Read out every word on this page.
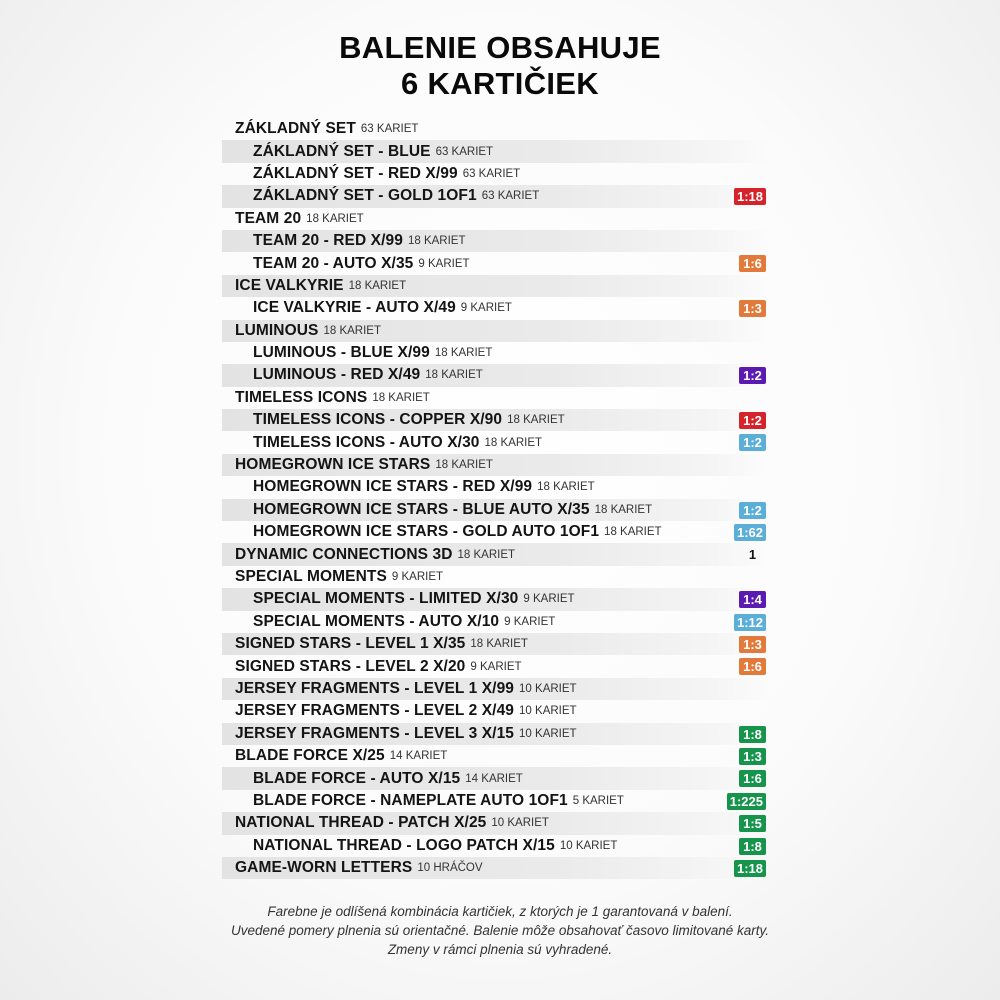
BALENIE OBSAHUJE
6 KARTIČIEK
ZÁKLADNÝ SET 63 KARIET
ZÁKLADNÝ SET - BLUE 63 KARIET
ZÁKLADNÝ SET - RED X/99 63 KARIET
ZÁKLADNÝ SET - GOLD 1OF1 63 KARIET	1:18
TEAM 20 18 KARIET
TEAM 20 - RED X/99 18 KARIET
TEAM 20 - AUTO X/35 9 KARIET	1:6
ICE VALKYRIE 18 KARIET
ICE VALKYRIE - AUTO X/49 9 KARIET	1:3
LUMINOUS 18 KARIET
LUMINOUS - BLUE X/99 18 KARIET
LUMINOUS - RED X/49 18 KARIET	1:2
TIMELESS ICONS 18 KARIET
TIMELESS ICONS - COPPER X/90 18 KARIET	1:2
TIMELESS ICONS - AUTO X/30 18 KARIET	1:2
HOMEGROWN ICE STARS 18 KARIET
HOMEGROWN ICE STARS - RED X/99 18 KARIET
HOMEGROWN ICE STARS - BLUE AUTO X/35 18 KARIET	1:2
HOMEGROWN ICE STARS - GOLD AUTO 1OF1 18 KARIET	1:62
DYNAMIC CONNECTIONS 3D 18 KARIET	1
SPECIAL MOMENTS 9 KARIET
SPECIAL MOMENTS - LIMITED X/30 9 KARIET	1:4
SPECIAL MOMENTS - AUTO X/10 9 KARIET	1:12
SIGNED STARS - LEVEL 1 X/35 18 KARIET	1:3
SIGNED STARS - LEVEL 2 X/20 9 KARIET	1:6
JERSEY FRAGMENTS - LEVEL 1 X/99 10 KARIET
JERSEY FRAGMENTS - LEVEL 2 X/49 10 KARIET
JERSEY FRAGMENTS - LEVEL 3 X/15 10 KARIET	1:8
BLADE FORCE X/25 14 KARIET	1:3
BLADE FORCE - AUTO X/15 14 KARIET	1:6
BLADE FORCE - NAMEPLATE AUTO 1OF1 5 KARIET	1:225
NATIONAL THREAD - PATCH X/25 10 KARIET	1:5
NATIONAL THREAD - LOGO PATCH X/15 10 KARIET	1:8
GAME-WORN LETTERS 10 HRÁČOV	1:18
Farebne je odlíšená kombinácia kartičiek, z ktorých je 1 garantovaná v balení.
Uvedené pomery plnenia sú orientačné. Balenie môže obsahovať časovo limitované karty.
Zmeny v rámci plnenia sú vyhradené.
